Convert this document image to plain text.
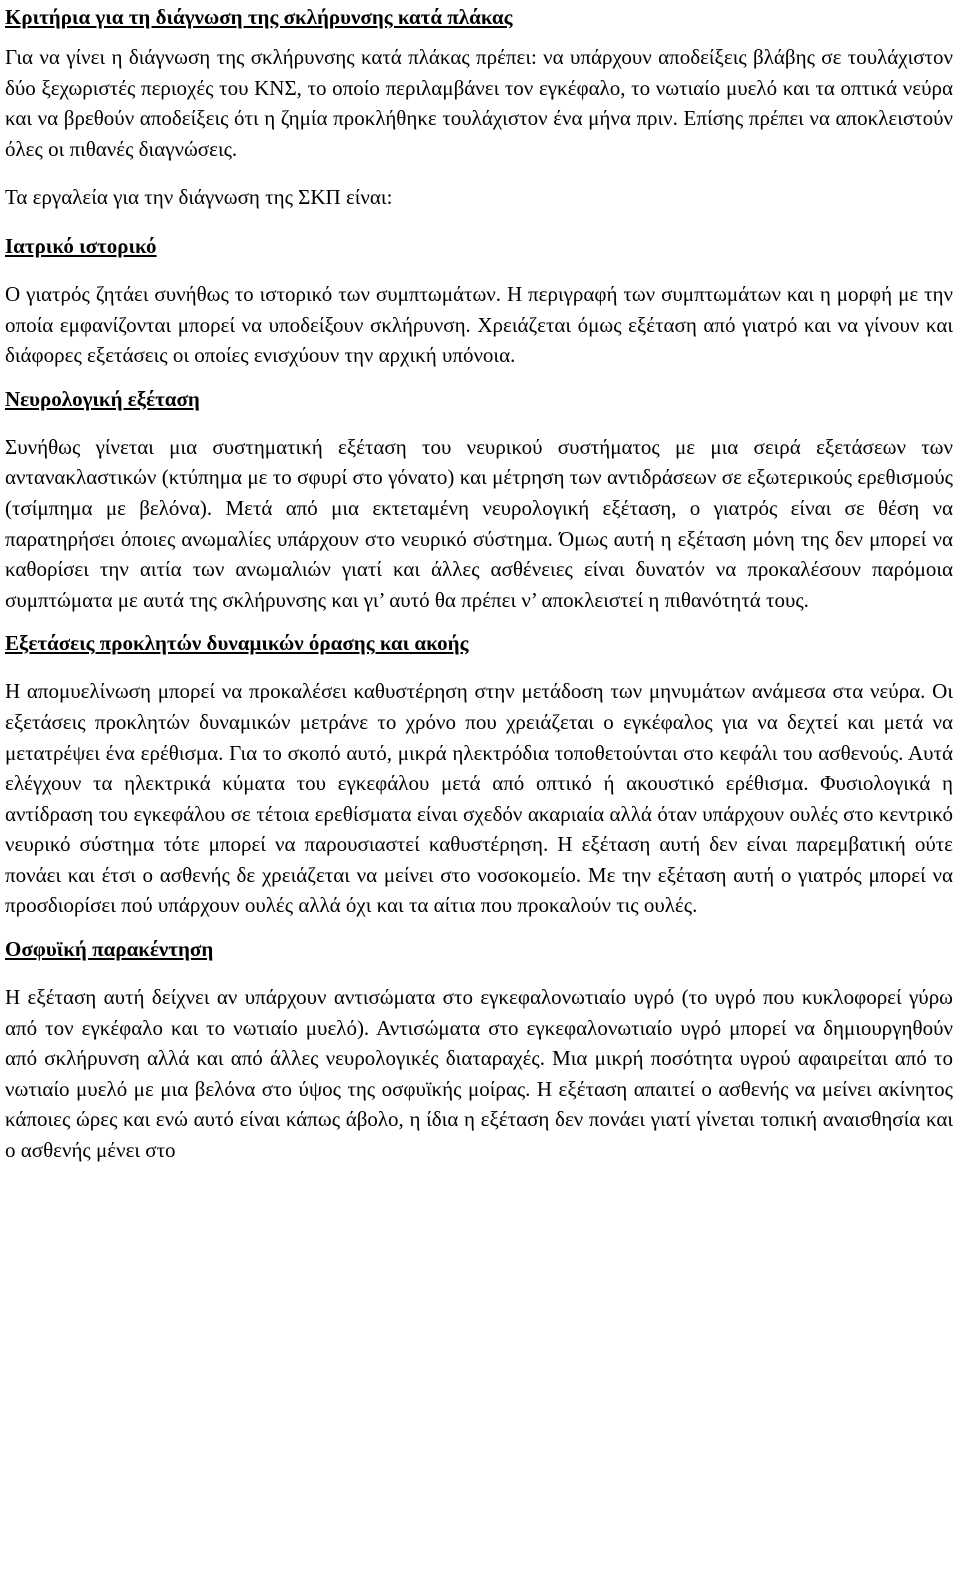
Κριτήρια για τη διάγνωση της σκλήρυνσης κατά πλάκας

Για να γίνει η διάγνωση της σκλήρυνσης κατά πλάκας πρέπει: να υπάρχουν αποδείξεις βλάβης σε τουλάχιστον δύο ξεχωριστές περιοχές του ΚΝΣ, το οποίο περιλαμβάνει τον εγκέφαλο, το νωτιαίο μυελό και τα οπτικά νεύρα και να βρεθούν αποδείξεις ότι η ζημία προκλήθηκε τουλάχιστον ένα μήνα πριν. Επίσης πρέπει να αποκλειστούν όλες οι πιθανές διαγνώσεις.

Τα εργαλεία για την διάγνωση της ΣΚΠ είναι:

Ιατρικό ιστορικό

Ο γιατρός ζητάει συνήθως το ιστορικό των συμπτωμάτων. Η περιγραφή των συμπτωμάτων και η μορφή με την οποία εμφανίζονται μπορεί να υποδείξουν σκλήρυνση. Χρειάζεται όμως εξέταση από γιατρό και να γίνουν και διάφορες εξετάσεις οι οποίες ενισχύουν την αρχική υπόνοια.

Νευρολογική εξέταση

Συνήθως γίνεται μια συστηματική εξέταση του νευρικού συστήματος με μια σειρά εξετάσεων των αντανακλαστικών (κτύπημα με το σφυρί στο γόνατο) και μέτρηση των αντιδράσεων σε εξωτερικούς ερεθισμούς (τσίμπημα με βελόνα). Μετά από μια εκτεταμένη νευρολογική εξέταση, ο γιατρός είναι σε θέση να παρατηρήσει όποιες ανωμαλίες υπάρχουν στο νευρικό σύστημα. Όμως αυτή η εξέταση μόνη της δεν μπορεί να καθορίσει την αιτία των ανωμαλιών γιατί και άλλες ασθένειες είναι δυνατόν να προκαλέσουν παρόμοια συμπτώματα με αυτά της σκλήρυνσης και γι’ αυτό θα πρέπει ν’ αποκλειστεί η πιθανότητά τους.

Εξετάσεις προκλητών δυναμικών όρασης και ακοής

Η απομυελίνωση μπορεί να προκαλέσει καθυστέρηση στην μετάδοση των μηνυμάτων ανάμεσα στα νεύρα. Οι εξετάσεις προκλητών δυναμικών μετράνε το χρόνο που χρειάζεται ο εγκέφαλος για να δεχτεί και μετά να μετατρέψει ένα ερέθισμα. Για το σκοπό αυτό, μικρά ηλεκτρόδια τοποθετούνται στο κεφάλι του ασθενούς. Αυτά ελέγχουν τα ηλεκτρικά κύματα του εγκεφάλου μετά από οπτικό ή ακουστικό ερέθισμα. Φυσιολογικά η αντίδραση του εγκεφάλου σε τέτοια ερεθίσματα είναι σχεδόν ακαριαία αλλά όταν υπάρχουν ουλές στο κεντρικό νευρικό σύστημα τότε μπορεί να παρουσιαστεί καθυστέρηση. Η εξέταση αυτή δεν είναι παρεμβατική ούτε πονάει και έτσι ο ασθενής δε χρειάζεται να μείνει στο νοσοκομείο. Με την εξέταση αυτή ο γιατρός μπορεί να προσδιορίσει πού υπάρχουν ουλές αλλά όχι και τα αίτια που προκαλούν τις ουλές.

Οσφυϊκή παρακέντηση

Η εξέταση αυτή δείχνει αν υπάρχουν αντισώματα στο εγκεφαλονωτιαίο υγρό (το υγρό που κυκλοφορεί γύρω από τον εγκέφαλο και το νωτιαίο μυελό). Αντισώματα στο εγκεφαλονωτιαίο υγρό μπορεί να δημιουργηθούν από σκλήρυνση αλλά και από άλλες νευρολογικές διαταραχές. Μια μικρή ποσότητα υγρού αφαιρείται από το νωτιαίο μυελό με μια βελόνα στο ύψος της οσφυϊκής μοίρας. Η εξέταση απαιτεί ο ασθενής να μείνει ακίνητος κάποιες ώρες και ενώ αυτό είναι κάπως άβολο, η ίδια η εξέταση δεν πονάει γιατί γίνεται τοπική αναισθησία και ο ασθενής μένει στο
